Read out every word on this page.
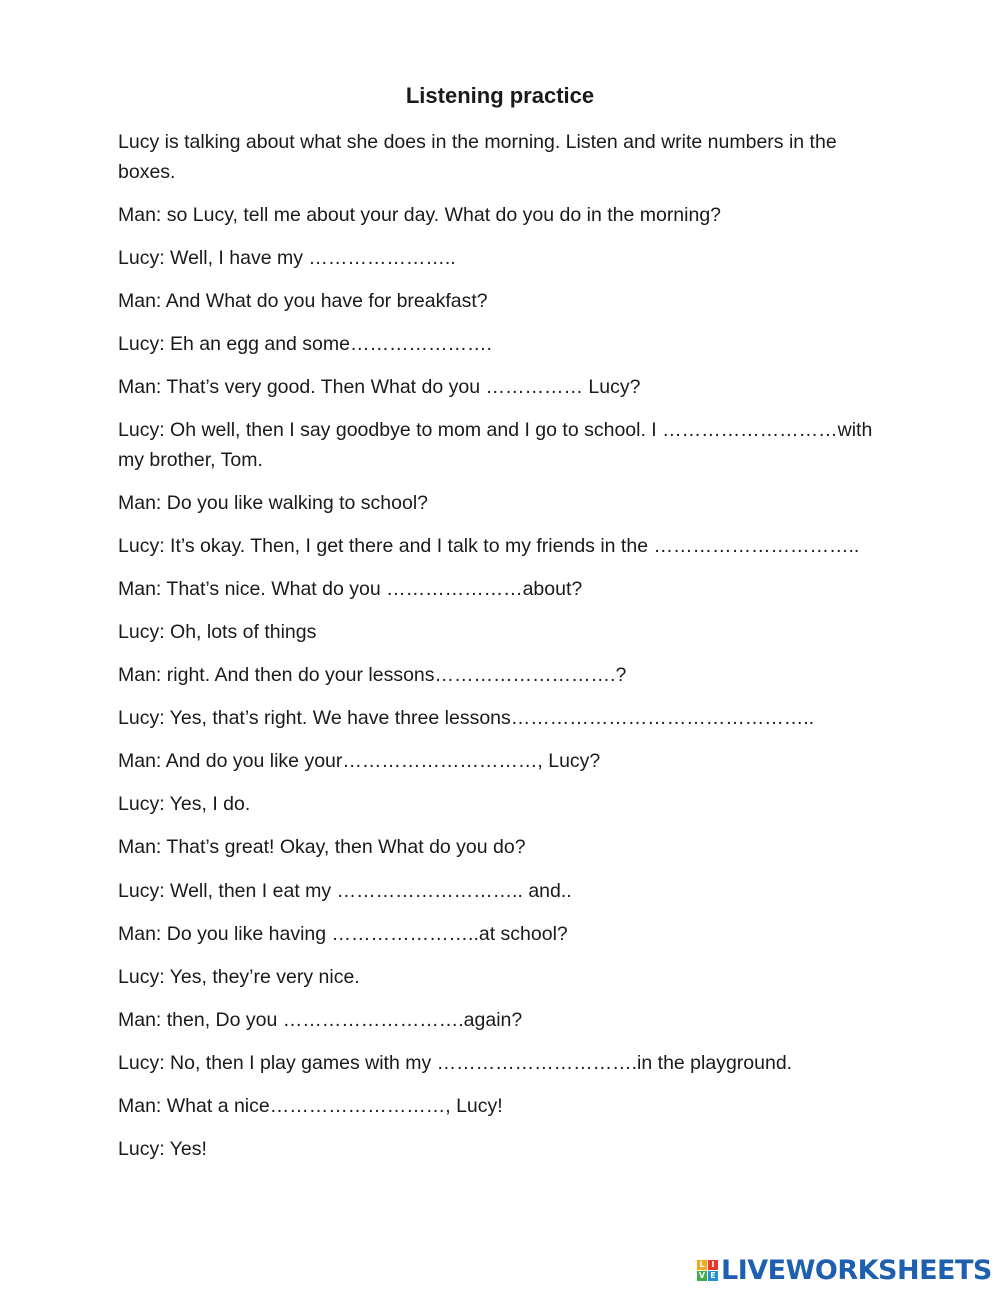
Listening practice

Lucy is talking about what she does in the morning. Listen and write numbers in the boxes.

Man: so Lucy, tell me about your day. What do you do in the morning?

Lucy: Well, I have my …………………..

Man: And What do you have for breakfast?

Lucy: Eh an egg and some………………….

Man: That’s very good. Then What do you …………… Lucy?

Lucy: Oh well, then I say goodbye to mom and I go to school. I ………………………with my brother, Tom.

Man: Do you like walking to school?

Lucy: It’s okay. Then, I get there and I talk to my friends in the …………………………..

Man: That’s nice. What do you …………………about?

Lucy: Oh, lots of things

Man: right. And then do your lessons……………………….?

Lucy: Yes, that’s right. We have three lessons………………………………………..

Man: And do you like your…………………………, Lucy?

Lucy: Yes, I do.

Man: That’s great! Okay, then What do you do?

Lucy: Well, then I eat my ……………………….. and..

Man: Do you like having …………………..at school?

Lucy: Yes, they’re very nice.

Man: then, Do you ……………………….again?

Lucy: No, then I play games with my ………………………….in the playground.

Man: What a nice………………………, Lucy!

Lucy: Yes!

L I
V E LIVEWORKSHEETS
